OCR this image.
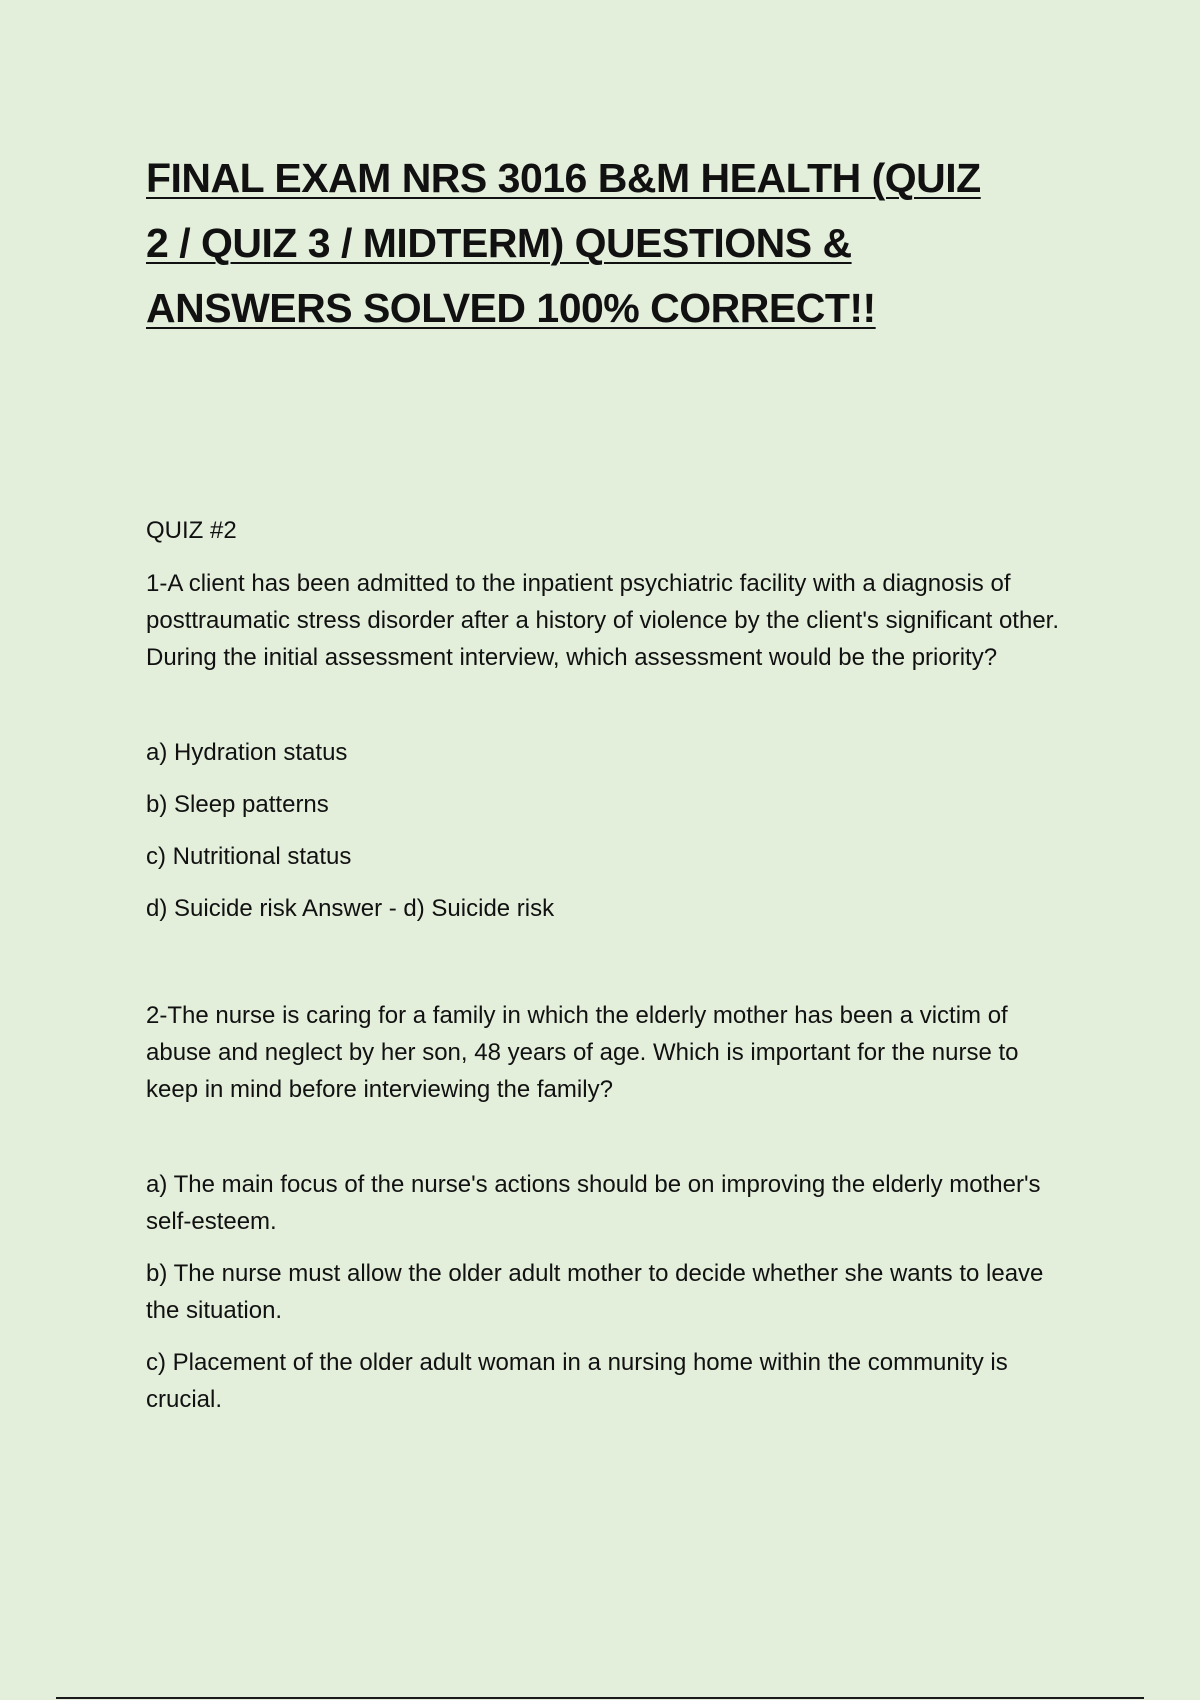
FINAL EXAM NRS 3016 B&M HEALTH (QUIZ
2 / QUIZ 3 / MIDTERM) QUESTIONS &
ANSWERS SOLVED 100% CORRECT!!

QUIZ #2

1-A client has been admitted to the inpatient psychiatric facility with a diagnosis of posttraumatic stress disorder after a history of violence by the client's significant other. During the initial assessment interview, which assessment would be the priority?

a) Hydration status

b) Sleep patterns

c) Nutritional status

d) Suicide risk Answer - d) Suicide risk

2-The nurse is caring for a family in which the elderly mother has been a victim of abuse and neglect by her son, 48 years of age. Which is important for the nurse to keep in mind before interviewing the family?

a) The main focus of the nurse's actions should be on improving the elderly mother's self-esteem.

b) The nurse must allow the older adult mother to decide whether she wants to leave the situation.

c) Placement of the older adult woman in a nursing home within the community is crucial.
